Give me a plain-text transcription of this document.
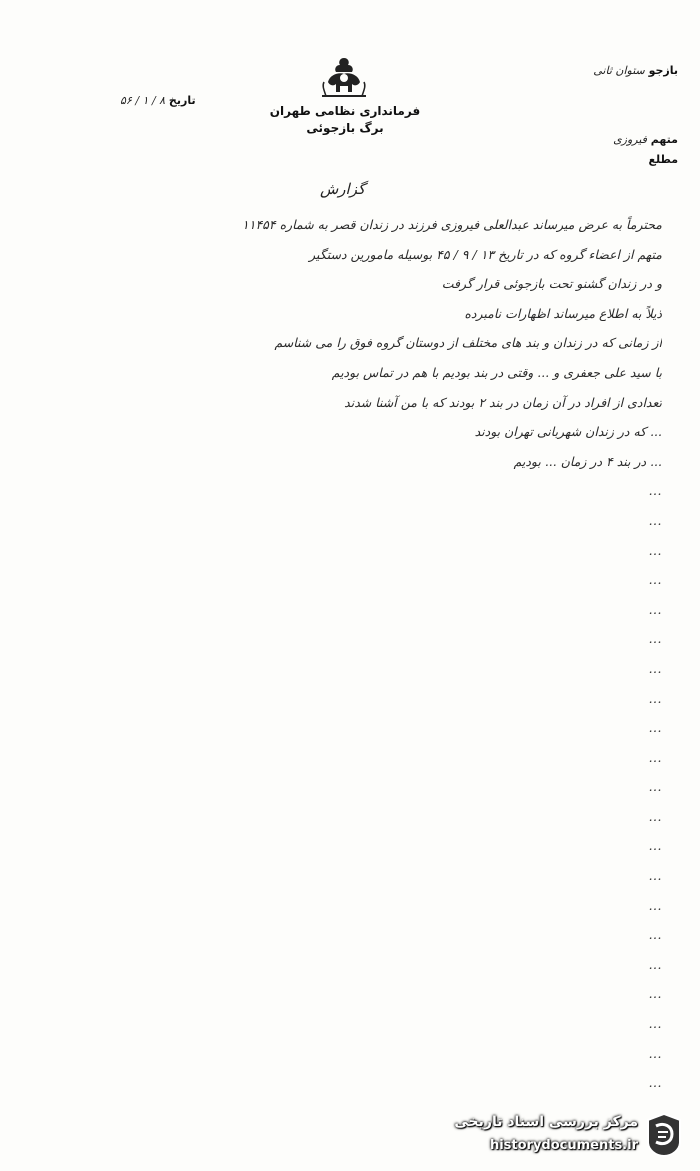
فرمانداری نظامی طهران
برگ بازجوئی
بازجو ستوان ثانی
تاریخ ۸ / ۱ / ۵۶
متهم فیروزی
مطلع
گزارش

محترماً به عرض میرساند عبدالعلی فیروزی فرزند در زندان قصر به شماره ۱۱۴۵۴

متهم از اعضاء گروه که در تاریخ ۱۳ / ۹ / ۴۵ بوسیله مامورین دستگیر

و در زندان گشنو تحت بازجوئی قرار گرفت

ذیلاً به اطلاع میرساند اظهارات نامبرده

از زمانی که در زندان و بند های مختلف از دوستان گروه فوق را می شناسم

با سید علی جعفری و ... وقتی در بند بودیم با هم در تماس بودیم

تعدادی از افراد در آن زمان در بند ۲ بودند که با من آشنا شدند

... که در زندان شهربانی تهران بودند

... در بند ۴ در زمان ... بودیم

...

...

...

...

...

...

...

...

...

...

...

...

...

...

...

...

...

...

...

...

...

مرکز بررسی اسناد تاریخی
historydocuments.ir
